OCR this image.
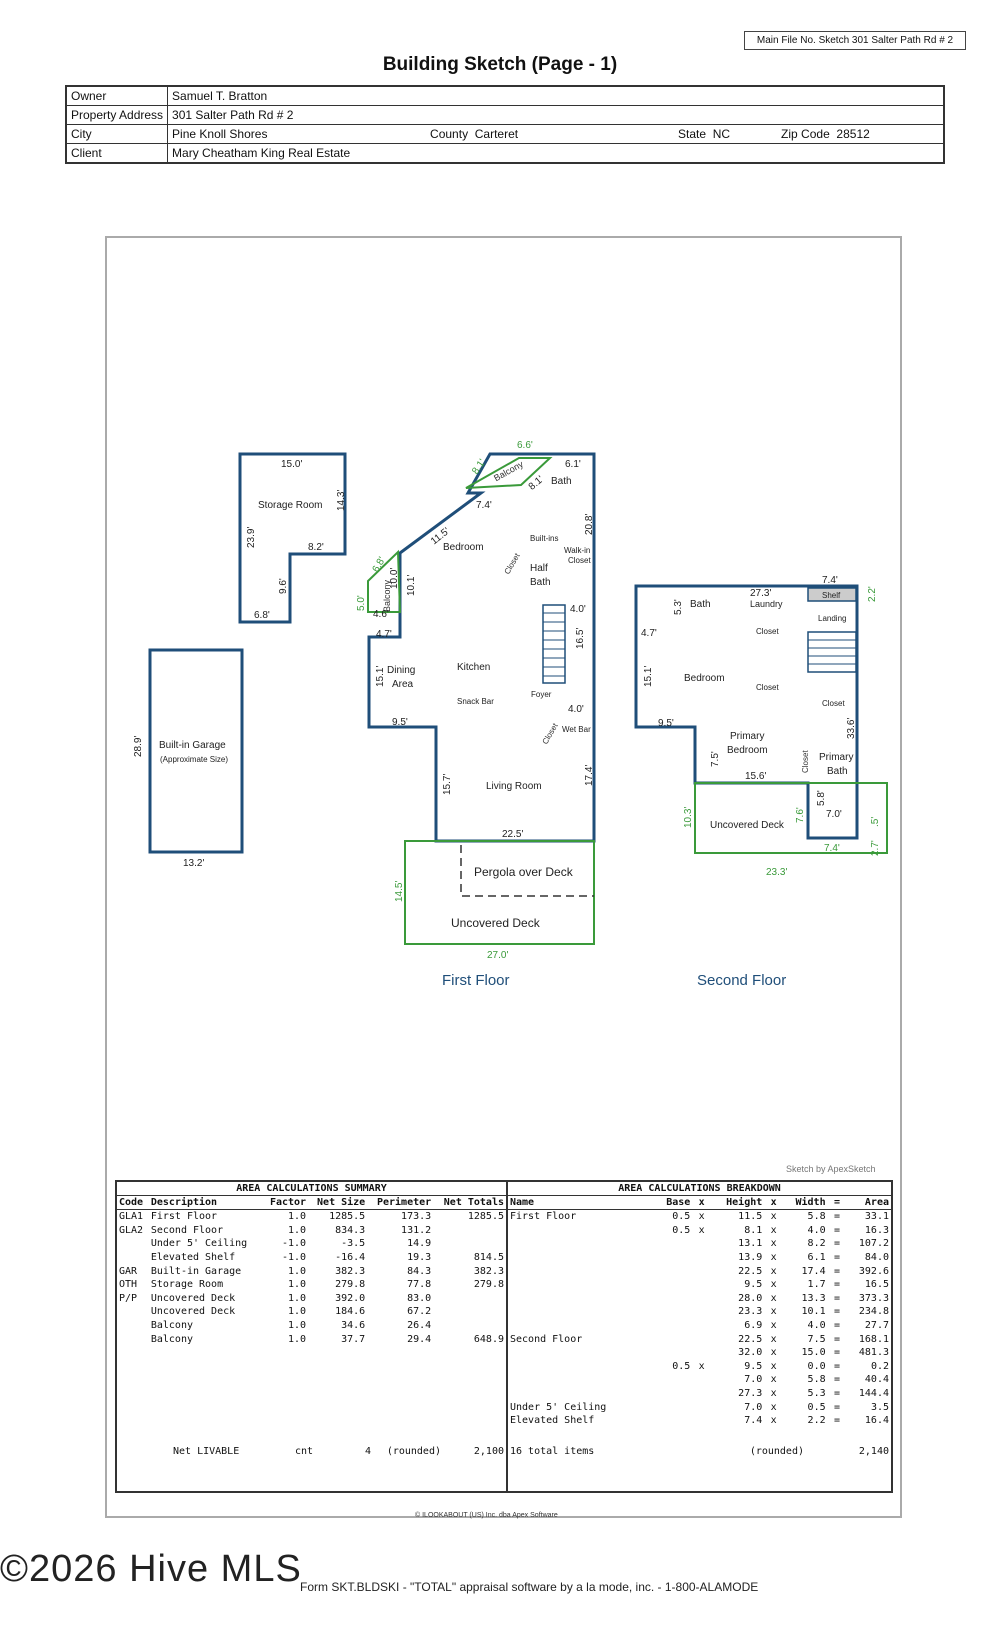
Main File No. Sketch 301 Salter Path Rd # 2
Building Sketch (Page - 1)
Owner	Samuel T. Bratton			
Property Address	301 Salter Path Rd # 2			
City	Pine Knoll Shores	County Carteret	State NC	Zip Code 28512
Client	Mary Cheatham King Real Estate			
Storage Room
Built-in Garage
(Approximate Size)
Bedroom
Bath
Built-ins
Walk-in
Closet
Half
Bath
Dining
Area
Kitchen
Snack Bar
Foyer
Wet Bar
Living Room
Pergola over Deck
Uncovered Deck
Bath	Laundry
Shelf
Landing
Closet
Bedroom
Closet
Closet
Primary
Bedroom
Primary
Bath
Uncovered Deck
First Floor	Second Floor
Balcony
Balcony
Closet
Closet
Closet
15.0'
14.3'
23.9'	8.2'
9.6'
6.8'
28.9'
13.2'
6.6'
8.1'
8.1'
6.1'
7.4'
11.5'
20.8'
6.8'
10.0' 10.1'
5.0'
4.6'
4.7'
4.0'
16.5'
4.0'
15.1'
9.5'
15.7'	17.4'
22.5'
14.5'
27.0'
7.4'
27.3'	2.2'
5.3'
4.7'
15.1'
9.5'	33.6'
7.5'
15.6'
5.8'
7.6' 7.0'
10.3'
7.4'	2.7'
.5'
23.3'
Sketch by ApexSketch
AREA CALCULATIONS SUMMARY
Code	Description	Factor	Net Size	Perimeter	Net Totals
GLA1	First Floor	1.0	1285.5	173.3	1285.5
GLA2	Second Floor	1.0	834.3	131.2	
	Under 5' Ceiling	-1.0	-3.5	14.9	
	Elevated Shelf	-1.0	-16.4	19.3	814.5
GAR	Built-in Garage	1.0	382.3	84.3	382.3
OTH	Storage Room	1.0	279.8	77.8	279.8
P/P	Uncovered Deck	1.0	392.0	83.0	
	Uncovered Deck	1.0	184.6	67.2	
	Balcony	1.0	34.6	26.4	
	Balcony	1.0	37.7	29.4	648.9
	Net LIVABLE	cnt	4	(rounded)	2,100
AREA CALCULATIONS BREAKDOWN
Name	Base	x	Height	x	Width	=	Area
First Floor	0.5	x	11.5	x	5.8	=	33.1
	0.5	x	8.1	x	4.0	=	16.3
			13.1	x	8.2	=	107.2
			13.9	x	6.1	=	84.0
			22.5	x	17.4	=	392.6
			9.5	x	1.7	=	16.5
			28.0	x	13.3	=	373.3
			23.3	x	10.1	=	234.8
			6.9	x	4.0	=	27.7
Second Floor			22.5	x	7.5	=	168.1
			32.0	x	15.0	=	481.3
	0.5	x	9.5	x	0.0	=	0.2
			7.0	x	5.8	=	40.4
			27.3	x	5.3	=	144.4
Under 5' Ceiling			7.0	x	0.5	=	3.5
Elevated Shelf			7.4	x	2.2	=	16.4
16 total items	(rounded)	2,140
© ILOOKABOUT (US) Inc. dba Apex Software
©2026 Hive MLS
Form SKT.BLDSKI - "TOTAL" appraisal software by a la mode, inc. - 1-800-ALAMODE
